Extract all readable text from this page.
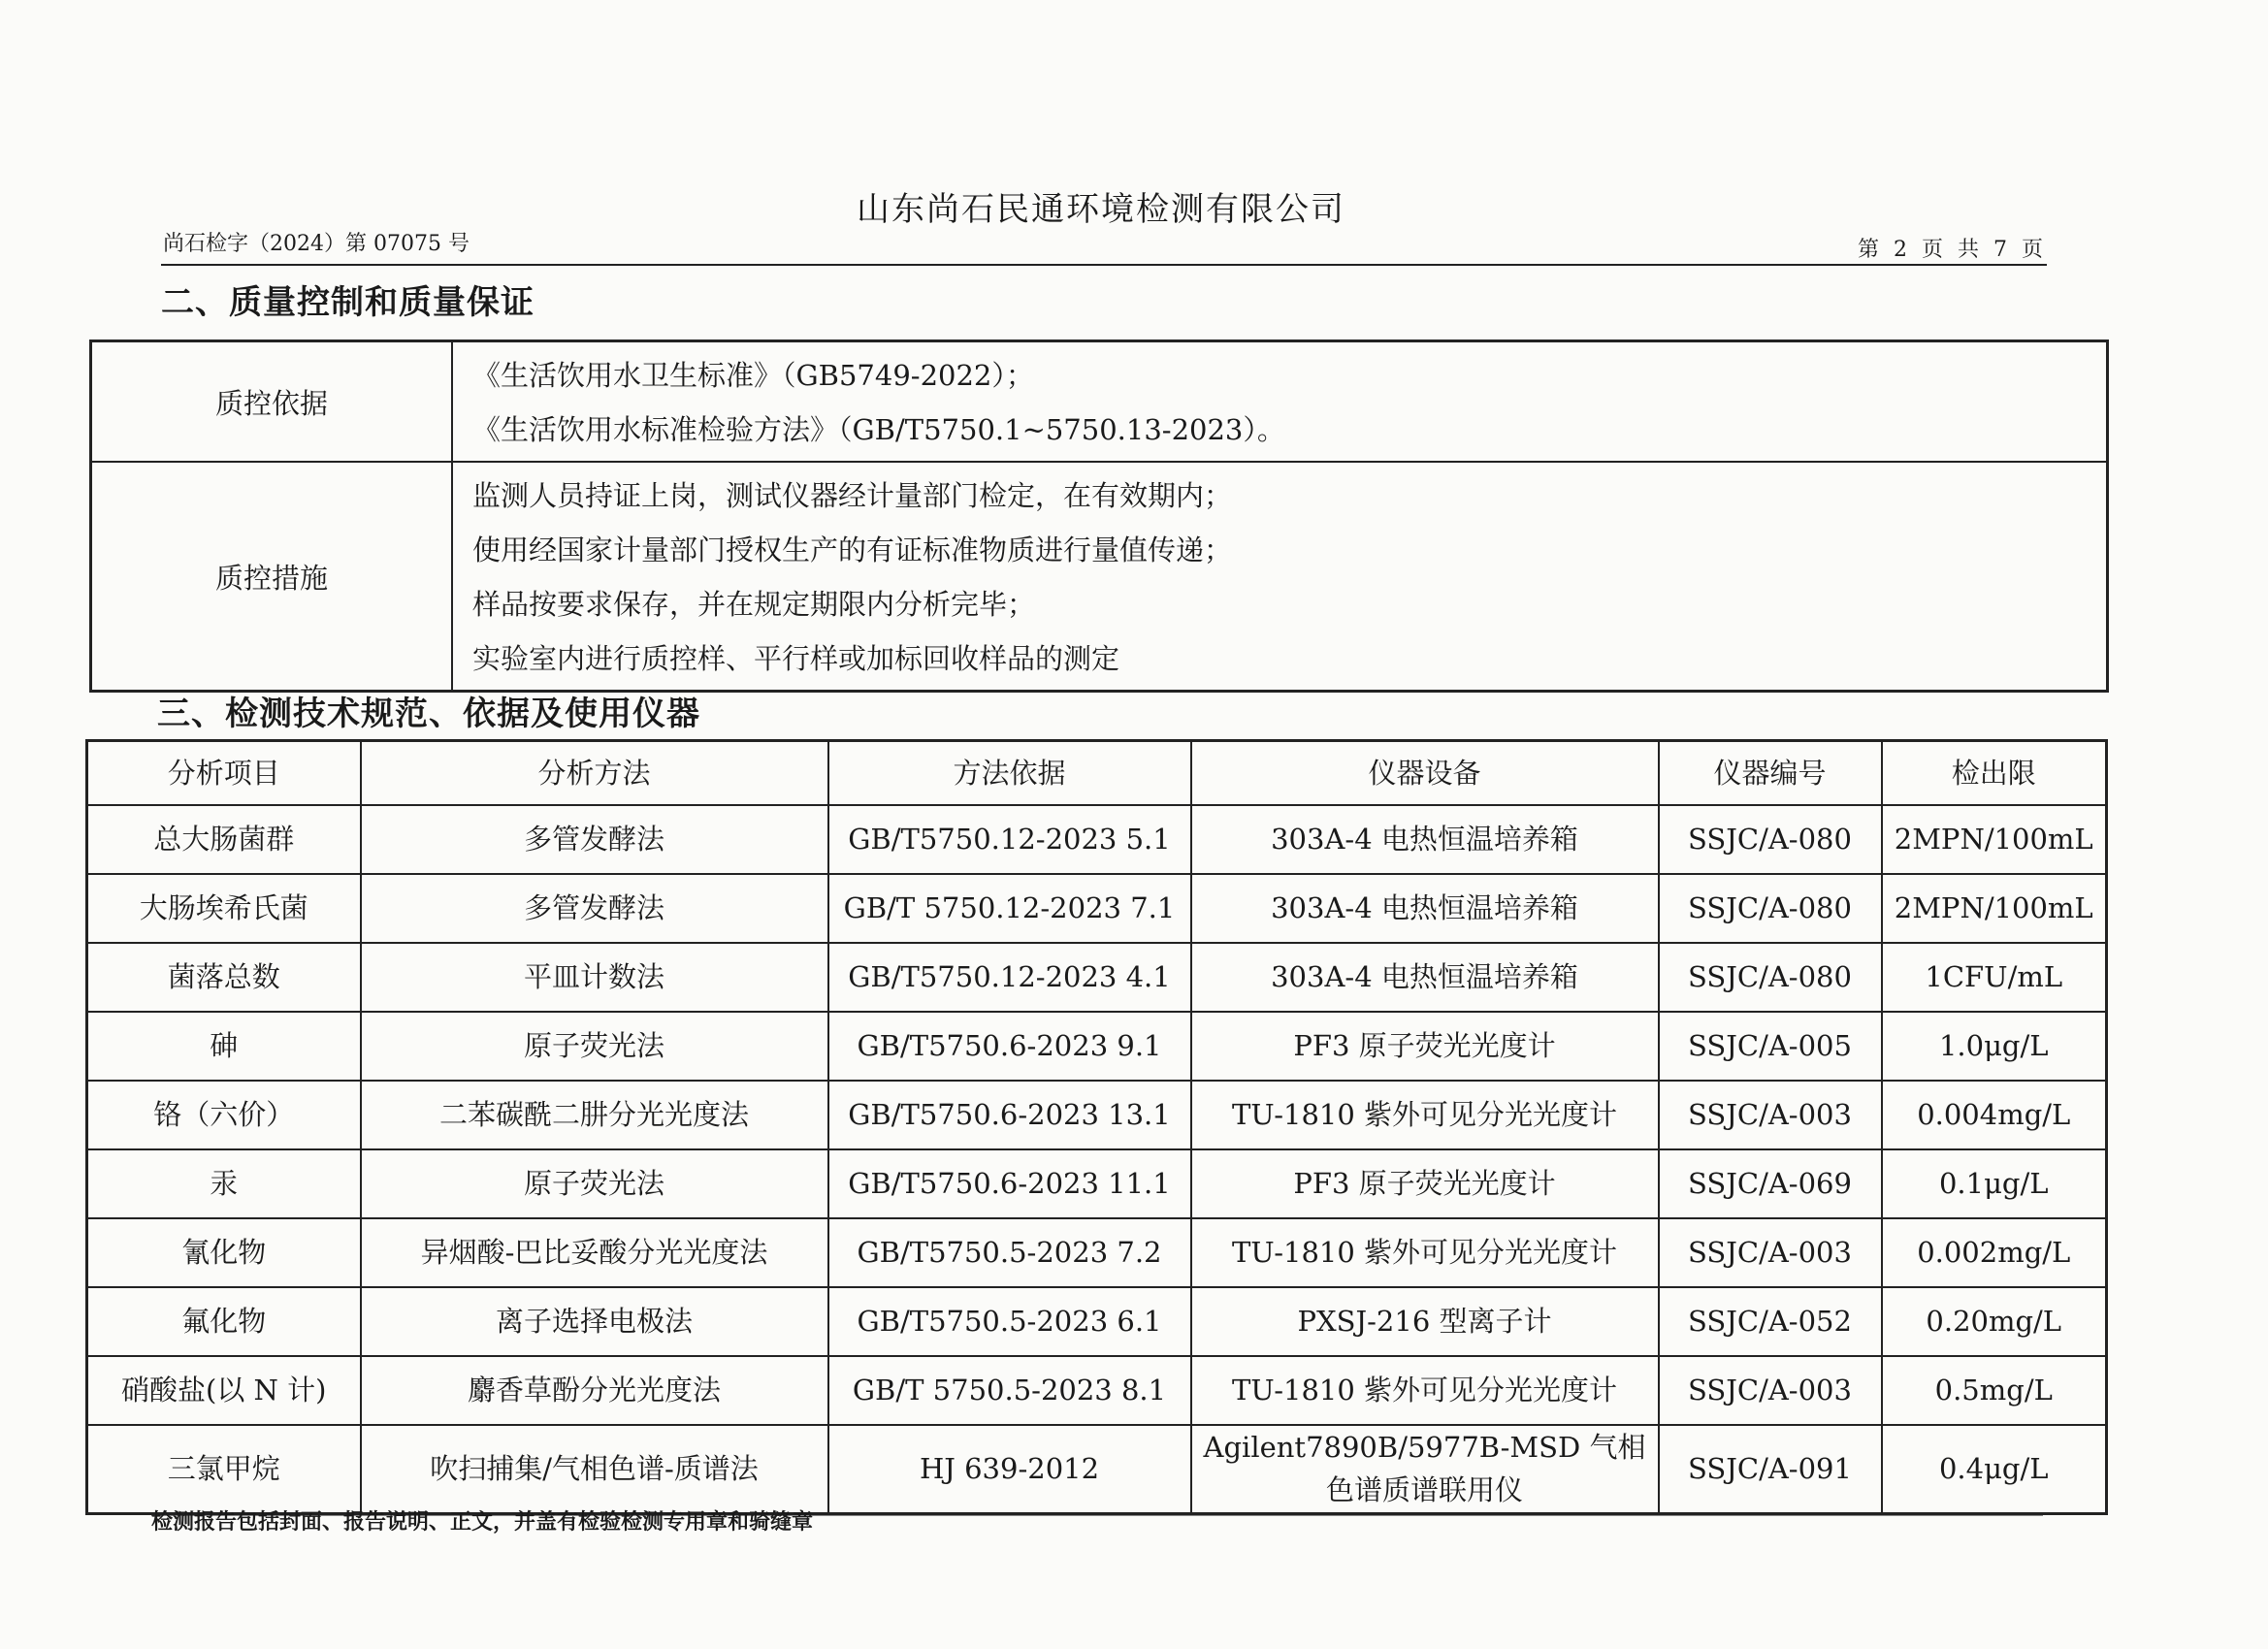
山东尚石民通环境检测有限公司
尚石检字（2024）第 07075 号	第 2 页 共 7 页
二、质量控制和质量保证
质控依据	《生活饮用水卫生标准》（GB5749-2022）；
《生活饮用水标准检验方法》（GB/T5750.1~5750.13-2023）。

质控措施	监测人员持证上岗，测试仪器经计量部门检定，在有效期内；
使用经国家计量部门授权生产的有证标准物质进行量值传递；
样品按要求保存，并在规定期限内分析完毕；
实验室内进行质控样、平行样或加标回收样品的测定
三、检测技术规范、依据及使用仪器
分析项目	分析方法	方法依据	仪器设备	仪器编号	检出限
总大肠菌群	多管发酵法	GB/T5750.12-2023 5.1	303A-4 电热恒温培养箱	SSJC/A-080	2MPN/100mL
大肠埃希氏菌	多管发酵法	GB/T 5750.12-2023 7.1	303A-4 电热恒温培养箱	SSJC/A-080	2MPN/100mL
菌落总数	平皿计数法	GB/T5750.12-2023 4.1	303A-4 电热恒温培养箱	SSJC/A-080	1CFU/mL
砷	原子荧光法	GB/T5750.6-2023 9.1	PF3 原子荧光光度计	SSJC/A-005	1.0μg/L
铬（六价）	二苯碳酰二肼分光光度法	GB/T5750.6-2023 13.1	TU-1810 紫外可见分光光度计	SSJC/A-003	0.004mg/L
汞	原子荧光法	GB/T5750.6-2023 11.1	PF3 原子荧光光度计	SSJC/A-069	0.1μg/L
氰化物	异烟酸-巴比妥酸分光光度法	GB/T5750.5-2023 7.2	TU-1810 紫外可见分光光度计	SSJC/A-003	0.002mg/L
氟化物	离子选择电极法	GB/T5750.5-2023 6.1	PXSJ-216 型离子计	SSJC/A-052	0.20mg/L
硝酸盐(以 N 计)	麝香草酚分光光度法	GB/T 5750.5-2023 8.1	TU-1810 紫外可见分光光度计	SSJC/A-003	0.5mg/L
三氯甲烷	吹扫捕集/气相色谱-质谱法	HJ 639-2012	Agilent7890B/5977B-MSD 气相色谱质谱联用仪	SSJC/A-091	0.4μg/L
检测报告包括封面、报告说明、正文，并盖有检验检测专用章和骑缝章
